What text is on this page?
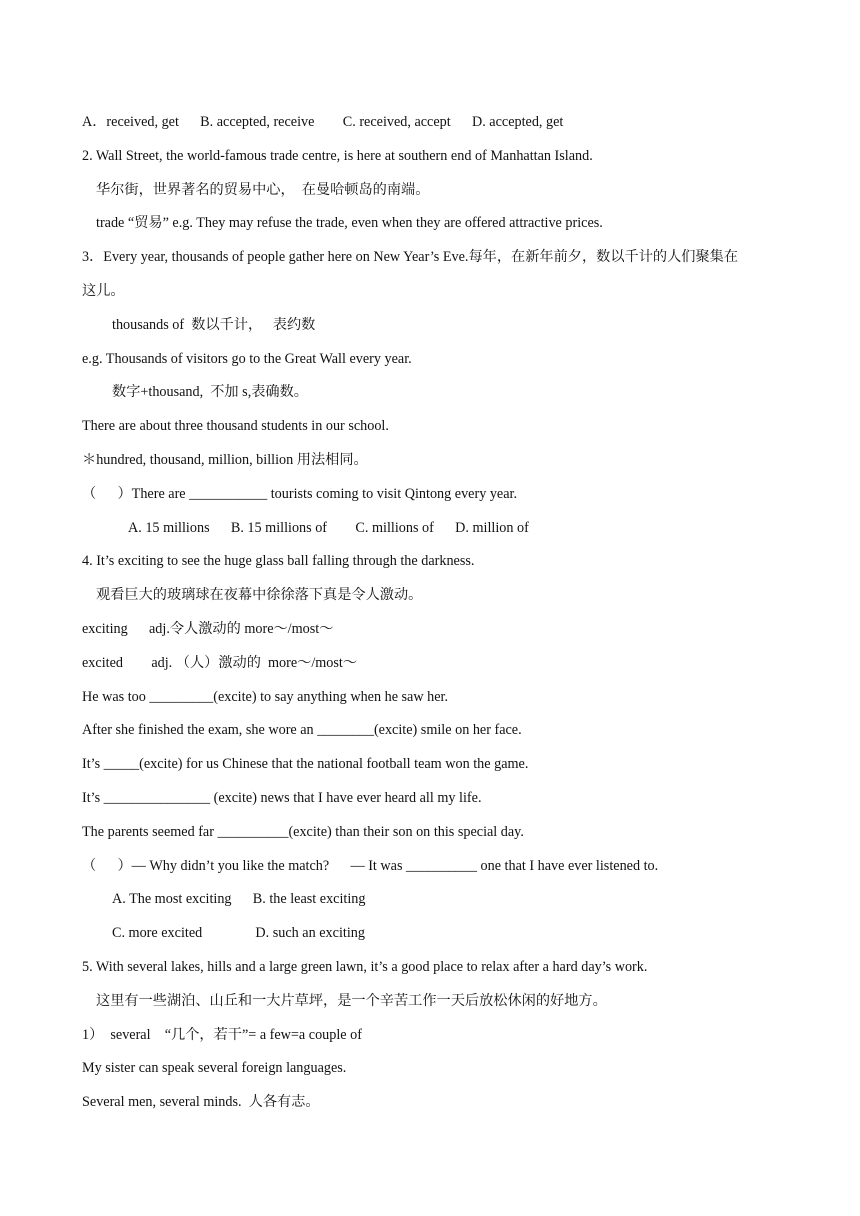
A．received, get      B. accepted, receive        C. received, accept      D. accepted, get
2. Wall Street, the world-famous trade centre, is here at southern end of Manhattan Island.
华尔街，世界著名的贸易中心，  在曼哈顿岛的南端。
trade “贸易” e.g. They may refuse the trade, even when they are offered attractive prices.
3．Every year, thousands of people gather here on New Year’s Eve.每年，在新年前夕，数以千计的人们聚集在
这儿。
thousands of  数以千计，   表约数
e.g. Thousands of visitors go to the Great Wall every year.
数字+thousand,  不加 s,表确数。
There are about three thousand students in our school.
＊hundred, thousand, million, billion 用法相同。
（      ）There are ___________ tourists coming to visit Qintong every year.
A. 15 millions      B. 15 millions of        C. millions of      D. million of
4. It’s exciting to see the huge glass ball falling through the darkness.
观看巨大的玻璃球在夜幕中徐徐落下真是令人激动。
exciting      adj.令人激动的 more～/most～
excited        adj. （人）激动的  more～/most～
He was too _________(excite) to say anything when he saw her.
After she finished the exam, she wore an ________(excite) smile on her face.
It’s _____(excite) for us Chinese that the national football team won the game.
It’s _______________ (excite) news that I have ever heard all my life.
The parents seemed far __________(excite) than their son on this special day.
（      ）— Why didn’t you like the match?      — It was __________ one that I have ever listened to.
A. The most exciting      B. the least exciting
C. more excited               D. such an exciting
5. With several lakes, hills and a large green lawn, it’s a good place to relax after a hard day’s work.
这里有一些湖泊、山丘和一大片草坪，是一个辛苦工作一天后放松休闲的好地方。
1）  several    “几个，若干”= a few=a couple of
My sister can speak several foreign languages.
Several men, several minds.  人各有志。
